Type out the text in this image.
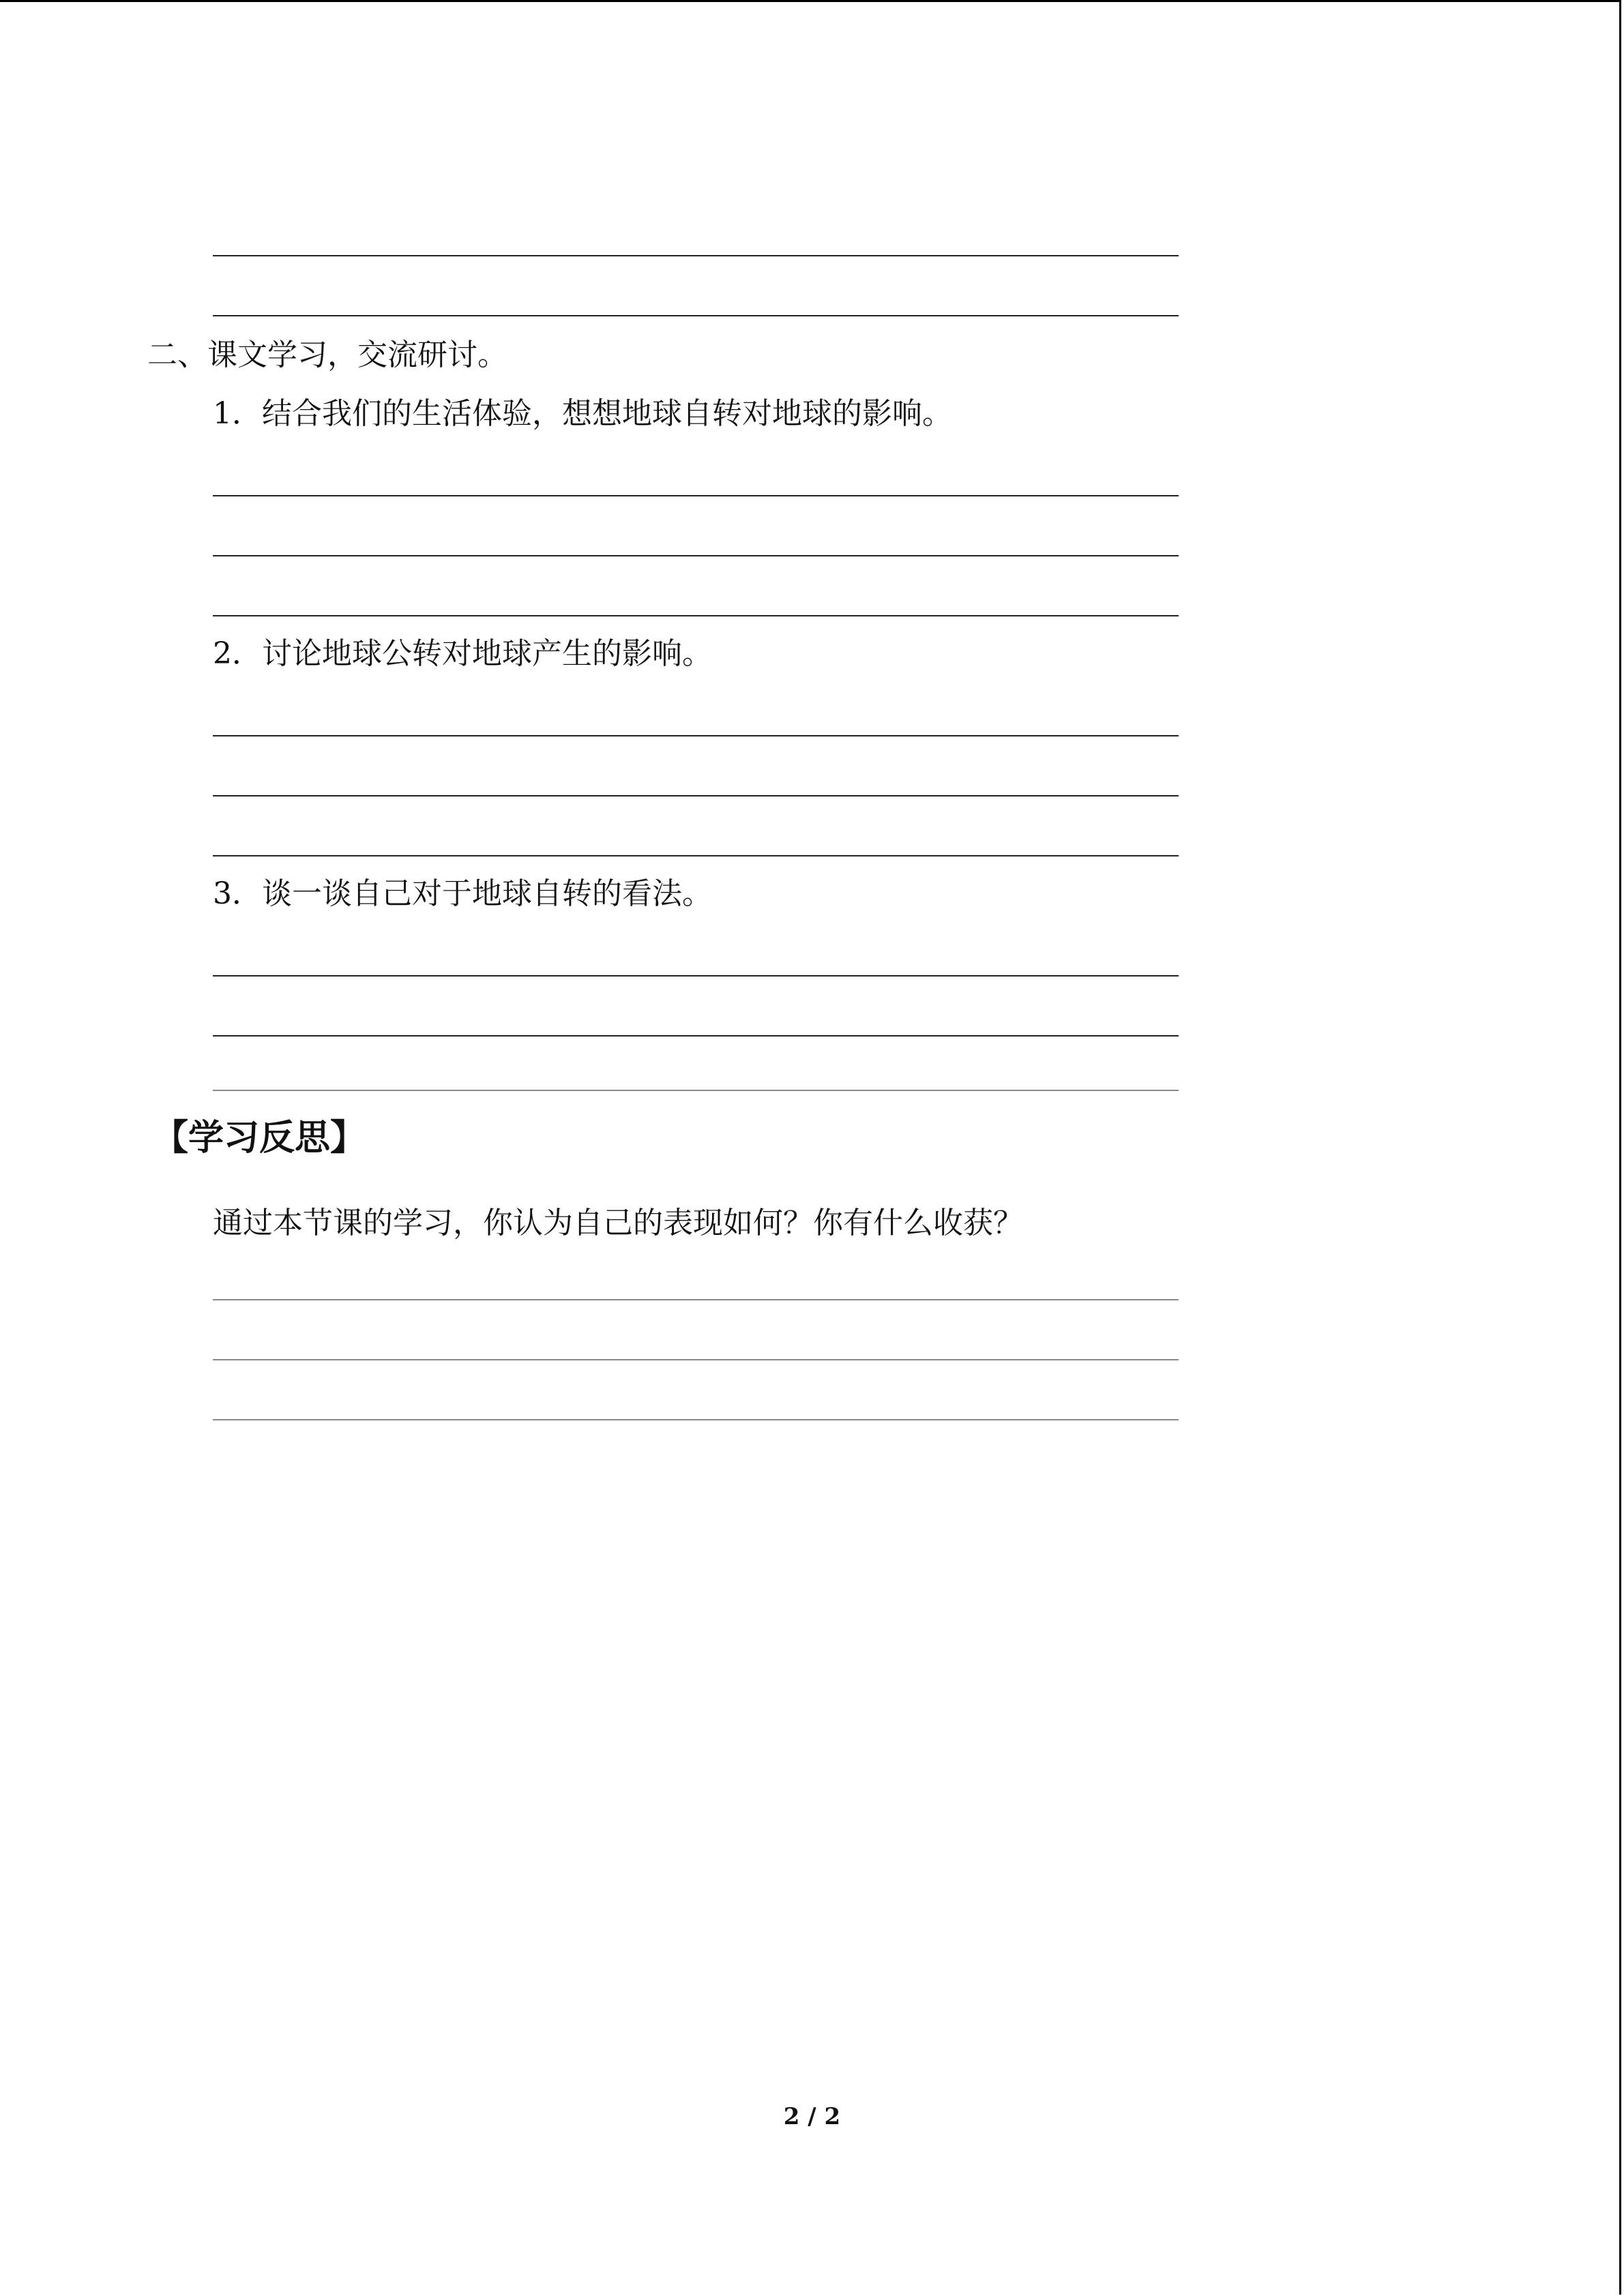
二、课文学习，交流研讨。
1．结合我们的生活体验，想想地球自转对地球的影响。
2．讨论地球公转对地球产生的影响。
3．谈一谈自己对于地球自转的看法。
【学习反思】
通过本节课的学习，你认为自己的表现如何？你有什么收获？
2 / 2
